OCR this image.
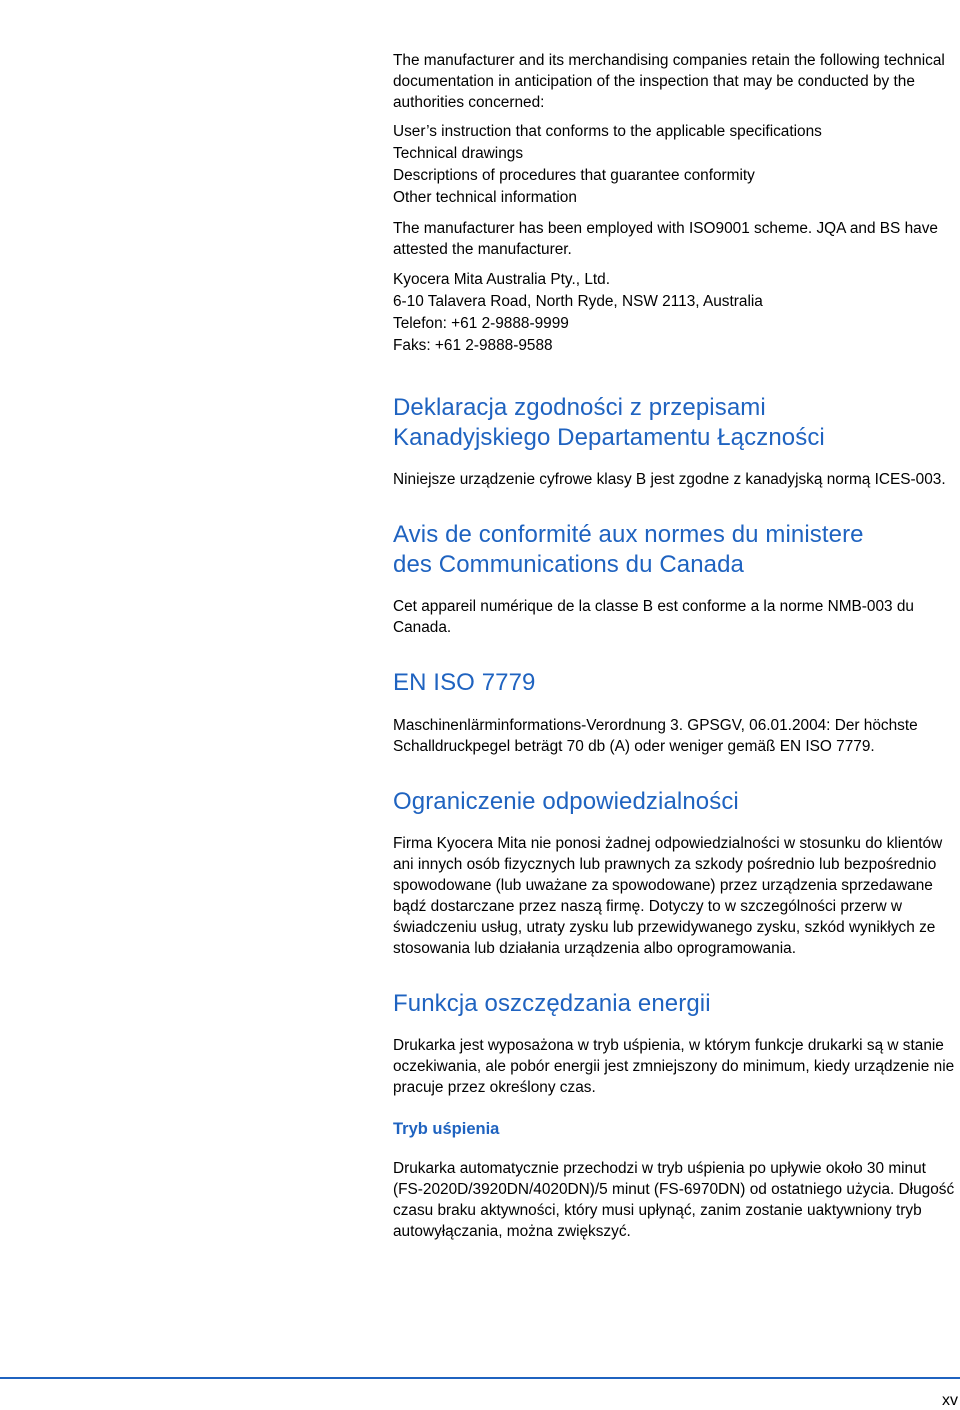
The manufacturer and its merchandising companies retain the following technical documentation in anticipation of the inspection that may be conducted by the authorities concerned:

User’s instruction that conforms to the applicable specifications

Technical drawings

Descriptions of procedures that guarantee conformity

Other technical information

The manufacturer has been employed with ISO9001 scheme. JQA and BS have attested the manufacturer.

Kyocera Mita Australia Pty., Ltd.

6-10 Talavera Road, North Ryde, NSW 2113, Australia

Telefon: +61 2-9888-9999

Faks: +61 2-9888-9588

Deklaracja zgodności z przepisami
Kanadyjskiego Departamentu Łączności

Niniejsze urządzenie cyfrowe klasy B jest zgodne z kanadyjską normą ICES-003.

Avis de conformité aux normes du ministere
des Communications du Canada

Cet appareil numérique de la classe B est conforme a la norme NMB-003 du Canada.

EN ISO 7779

Maschinenlärminformations-Verordnung 3. GPSGV, 06.01.2004: Der höchste Schalldruckpegel beträgt 70 db (A) oder weniger gemäß EN ISO 7779.

Ograniczenie odpowiedzialności

Firma Kyocera Mita nie ponosi żadnej odpowiedzialności w stosunku do klientów ani innych osób fizycznych lub prawnych za szkody pośrednio lub bezpośrednio spowodowane (lub uważane za spowodowane) przez urządzenia sprzedawane bądź dostarczane przez naszą firmę. Dotyczy to w szczególności przerw w świadczeniu usług, utraty zysku lub przewidywanego zysku, szkód wynikłych ze stosowania lub działania urządzenia albo oprogramowania.

Funkcja oszczędzania energii

Drukarka jest wyposażona w tryb uśpienia, w którym funkcje drukarki są w stanie oczekiwania, ale pobór energii jest zmniejszony do minimum, kiedy urządzenie nie pracuje przez określony czas.

Tryb uśpienia

Drukarka automatycznie przechodzi w tryb uśpienia po upływie około 30 minut (FS-2020D/3920DN/4020DN)/5 minut (FS-6970DN) od ostatniego użycia. Długość czasu braku aktywności, który musi upłynąć, zanim zostanie uaktywniony tryb autowyłączania, można zwiększyć.

xv
